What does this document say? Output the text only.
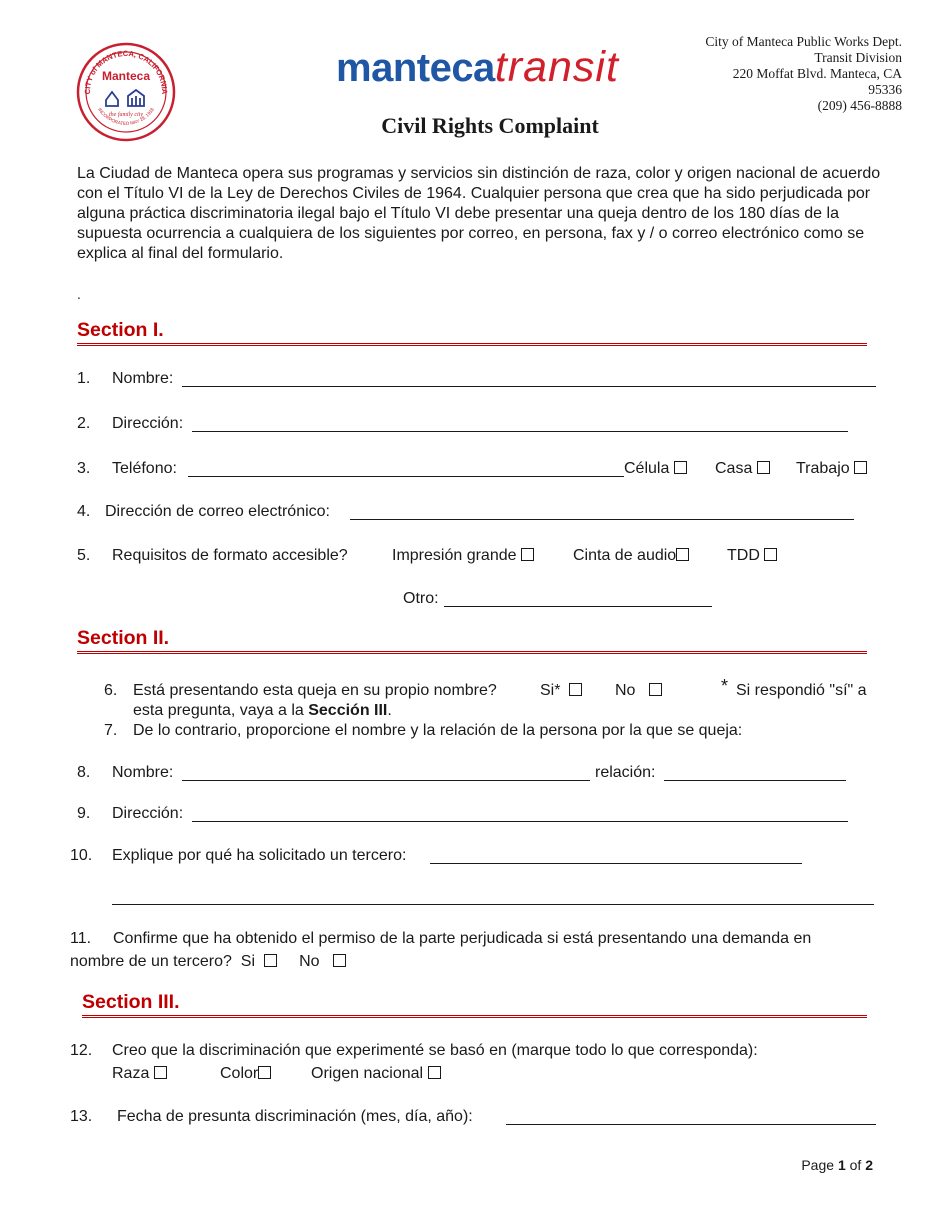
CITY of MANTECA, CALIFORNIA
INCORPORATED MAY 28, 1918
Manteca
the family city
mantecatransit
City of Manteca Public Works Dept.
Transit Division
220 Moffat Blvd. Manteca, CA
95336
(209) 456-8888
Civil Rights Complaint
La Ciudad de Manteca opera sus programas y servicios sin distinción de raza, color y origen nacional de acuerdo con el Título VI de la Ley de Derechos Civiles de 1964. Cualquier persona que crea que ha sido perjudicada por alguna práctica discriminatoria ilegal bajo el Título VI debe presentar una queja dentro de los 180 días de la supuesta ocurrencia a cualquiera de los siguientes por correo, en persona, fax y / o correo electrónico como se explica al final del formulario.
.
Section I.
1. Nombre:
2. Dirección:
3. Teléfono:	Célula	Casa	Trabajo
4. Dirección de correo electrónico:
5. Requisitos de formato accesible?	Impresión grande	Cinta de audio	TDD
Otro:
Section II.
6. Está presentando esta queja en su propio nombre?	Si*	No	* Si respondió "sí" a
esta pregunta, vaya a la Sección III.
7. De lo contrario, proporcione el nombre y la relación de la persona por la que se queja:
8. Nombre:	relación:
9. Dirección:
10. Explique por qué ha solicitado un tercero:
11. Confirme que ha obtenido el permiso de la parte perjudicada si está presentando una demanda en
nombre de un tercero? Si	No
Section III.
12. Creo que la discriminación que experimenté se basó en (marque todo lo que corresponda):
Raza	Color	Origen nacional
13. Fecha de presunta discriminación (mes, día, año):
Page 1 of 2
